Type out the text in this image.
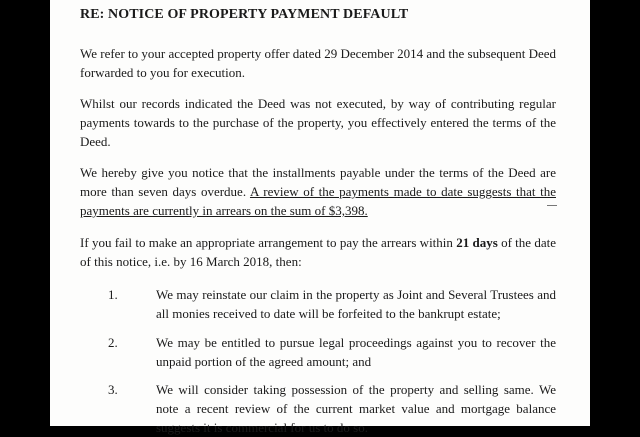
RE: NOTICE OF PROPERTY PAYMENT DEFAULT

We refer to your accepted property offer dated 29 December 2014 and the subsequent Deed forwarded to you for execution.

Whilst our records indicated the Deed was not executed, by way of contributing regular payments towards to the purchase of the property, you effectively entered the terms of the Deed.

We hereby give you notice that the installments payable under the terms of the Deed are more than seven days overdue. A review of the payments made to date suggests that the payments are currently in arrears on the sum of $3,398.

If you fail to make an appropriate arrangement to pay the arrears within 21 days of the date of this notice, i.e. by 16 March 2018, then:

1.	We may reinstate our claim in the property as Joint and Several Trustees and all monies received to date will be forfeited to the bankrupt estate;

2.	We may be entitled to pursue legal proceedings against you to recover the unpaid portion of the agreed amount; and

3.	We will consider taking possession of the property and selling same. We note a recent review of the current market value and mortgage balance suggests it is commercial for us to do so.
